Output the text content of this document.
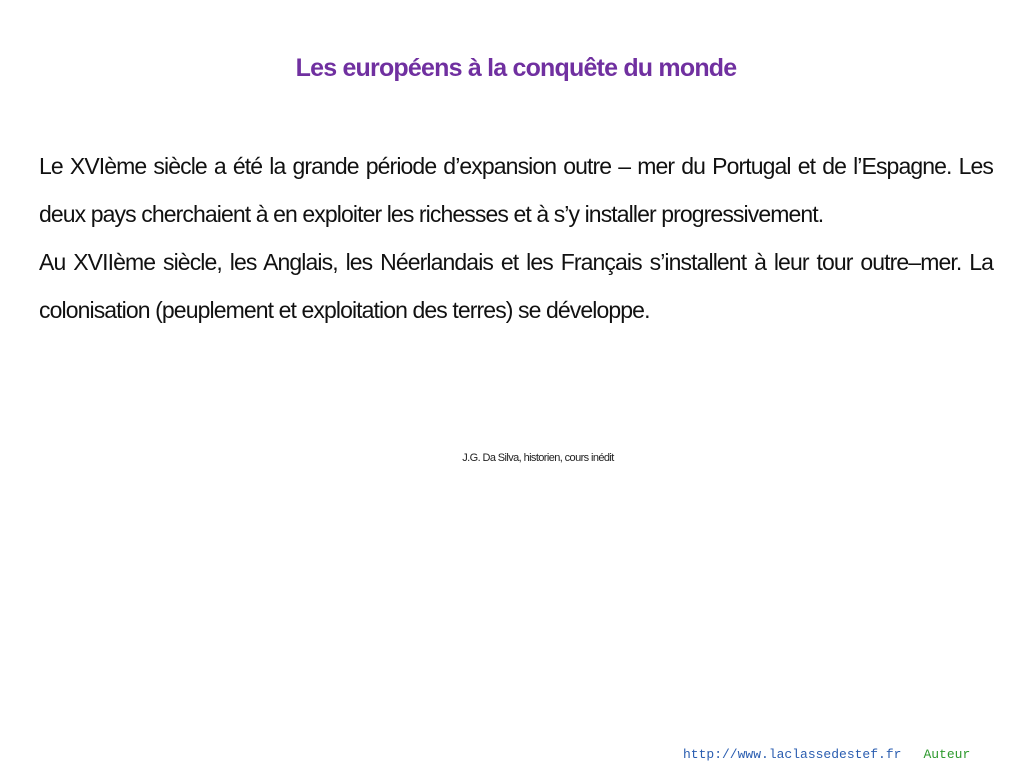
Les européens à la conquête du monde

Le XVIème siècle a été la grande période d’expansion outre – mer du Portugal et de l’Espagne. Les deux pays cherchaient à en exploiter les richesses et à s’y installer progressivement.

Au XVIIème siècle, les Anglais, les Néerlandais et les Français s’installent à leur tour outre–mer. La colonisation (peuplement et exploitation des terres) se développe.

J.G. Da Silva, historien, cours inédit
http://www.laclassedestef.fr Auteur
